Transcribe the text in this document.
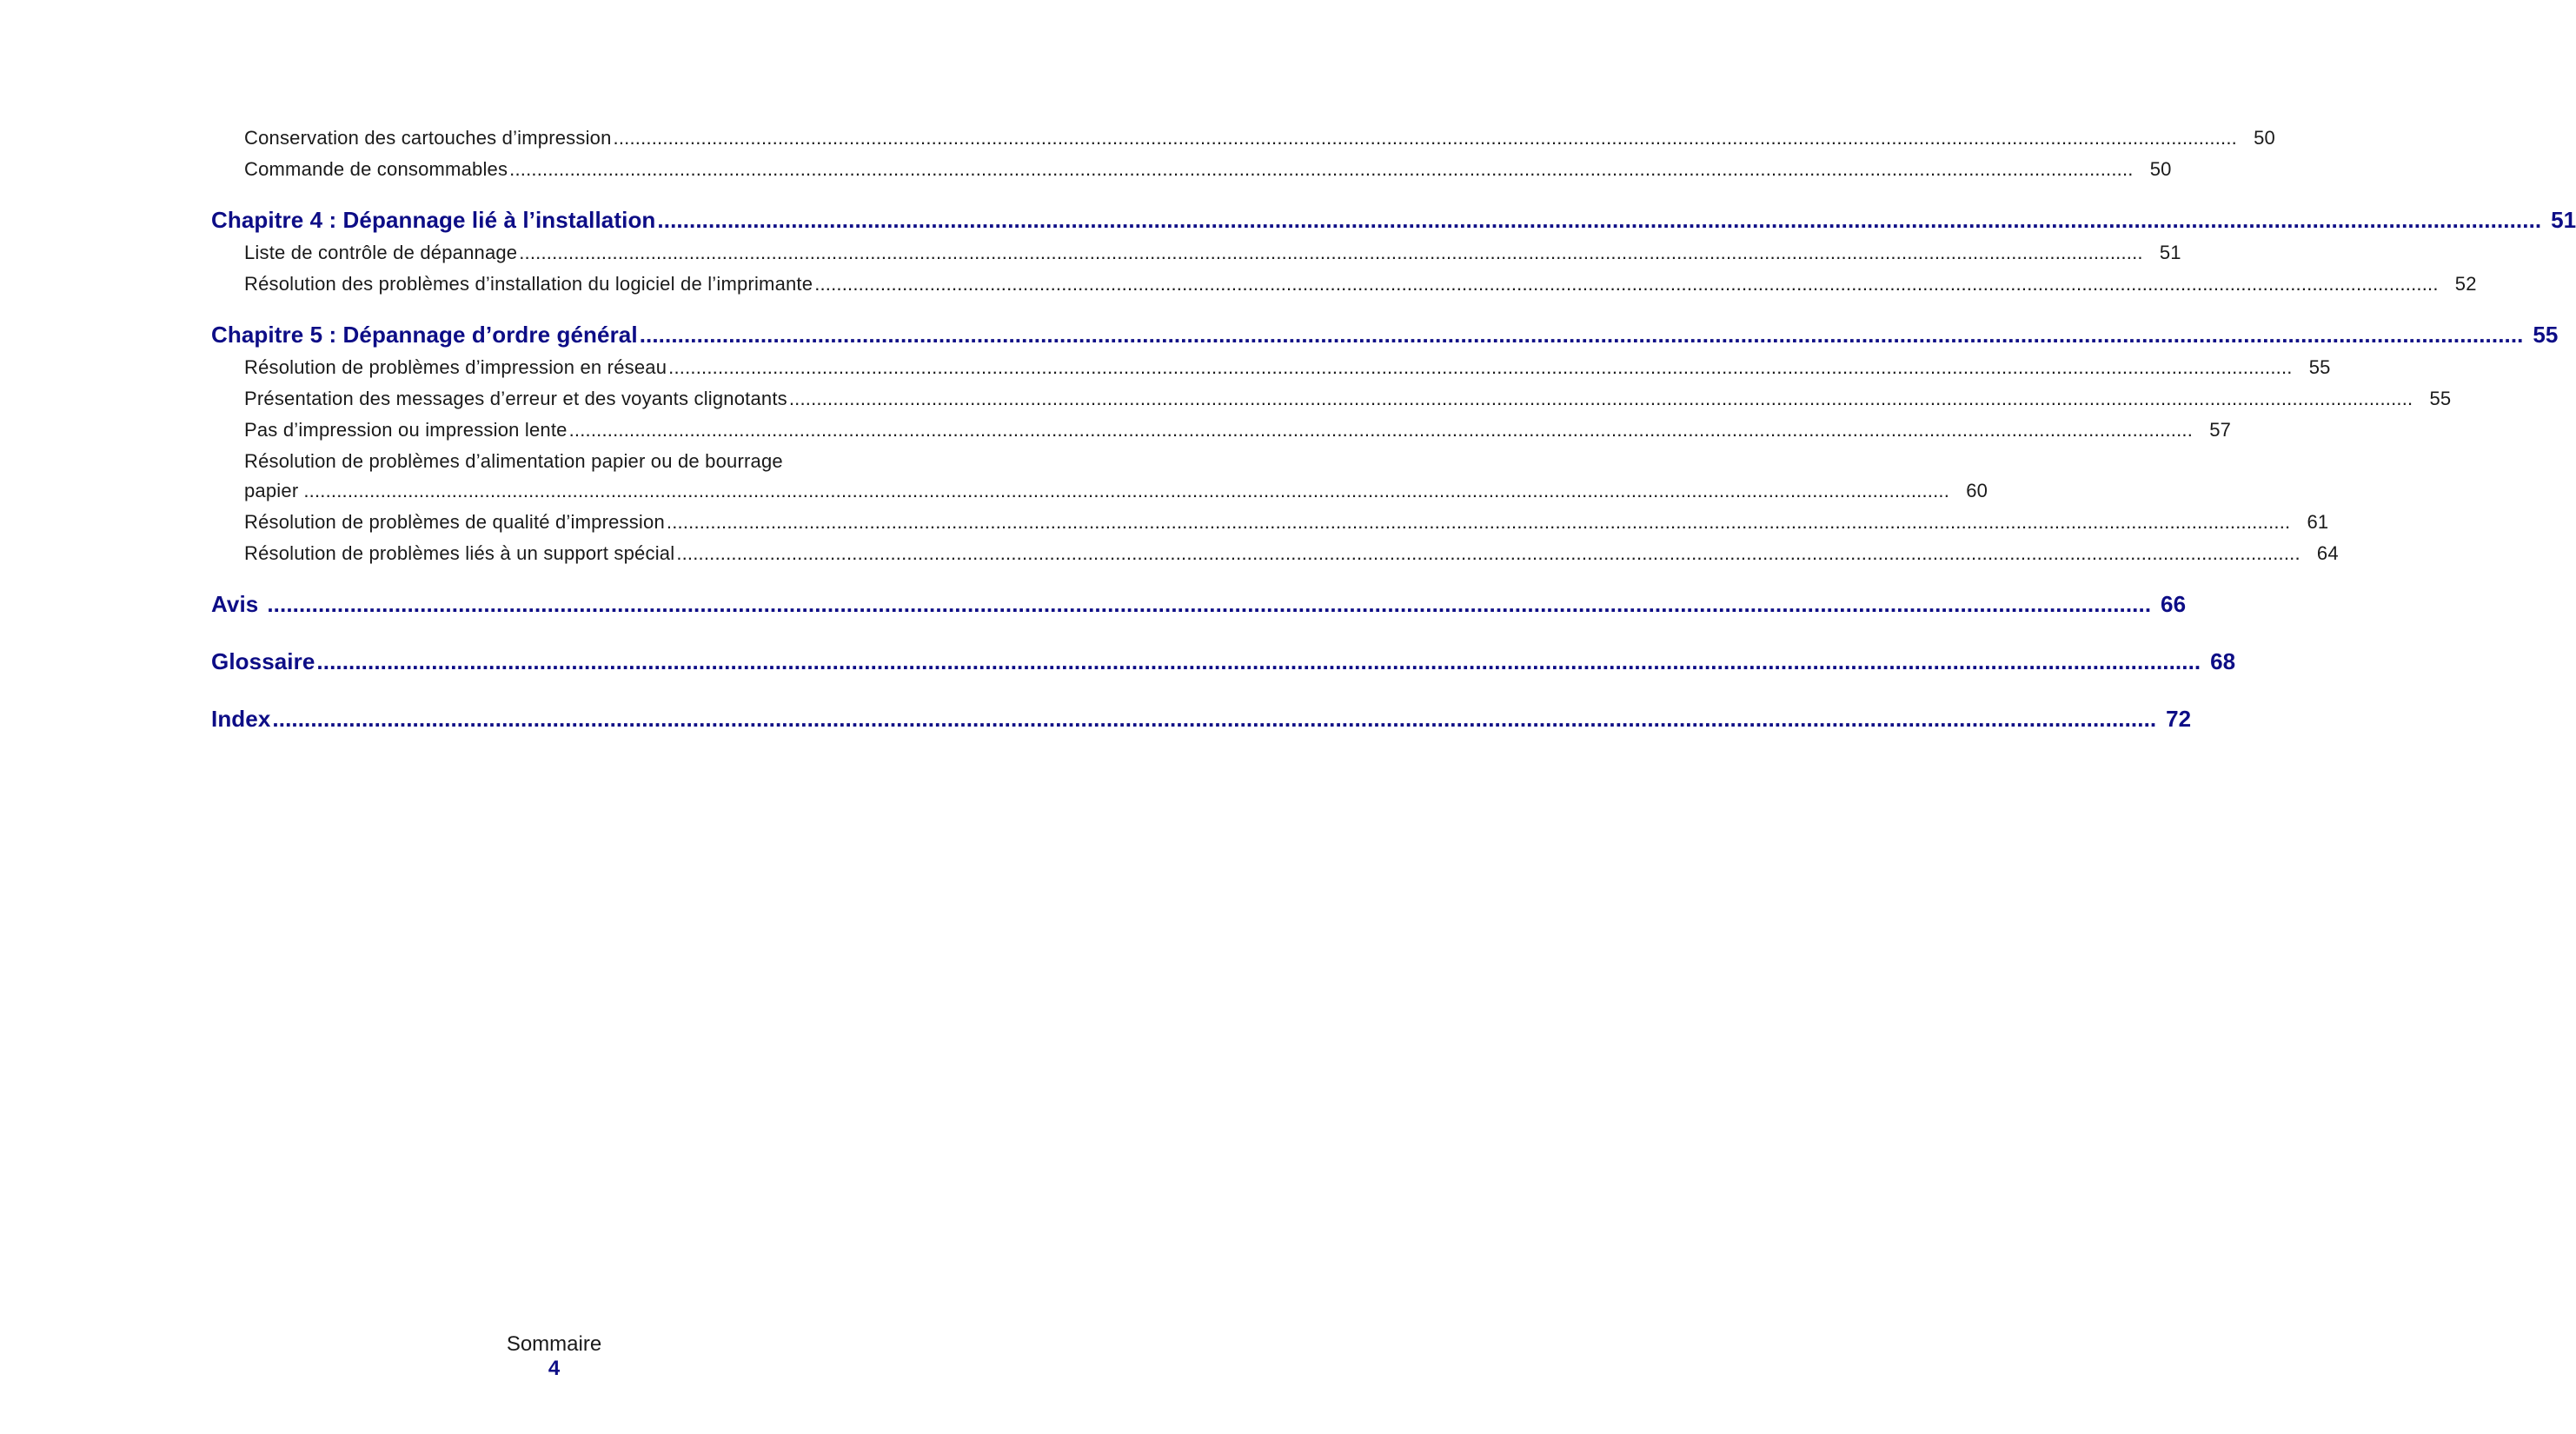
Conservation des cartouches d’impression .....	50
Commande de consommables .....	50
Chapitre 4 : Dépannage lié à l’installation .....	51
Liste de contrôle de dépannage .....	51
Résolution des problèmes d’installation du logiciel de l’imprimante .....	52
Chapitre 5 : Dépannage d’ordre général .....	55
Résolution de problèmes d’impression en réseau .....	55
Présentation des messages d’erreur et des voyants clignotants .....	55
Pas d’impression ou impression lente .....	57
Résolution de problèmes d’alimentation papier ou de bourrage
papier ............................................................................................................................................................................................................................................................................................................ 60
Résolution de problèmes de qualité d’impression .....	61
Résolution de problèmes liés à un support spécial .....	64
Avis .....	66
Glossaire .....	68
Index .....	72
Sommaire
4
